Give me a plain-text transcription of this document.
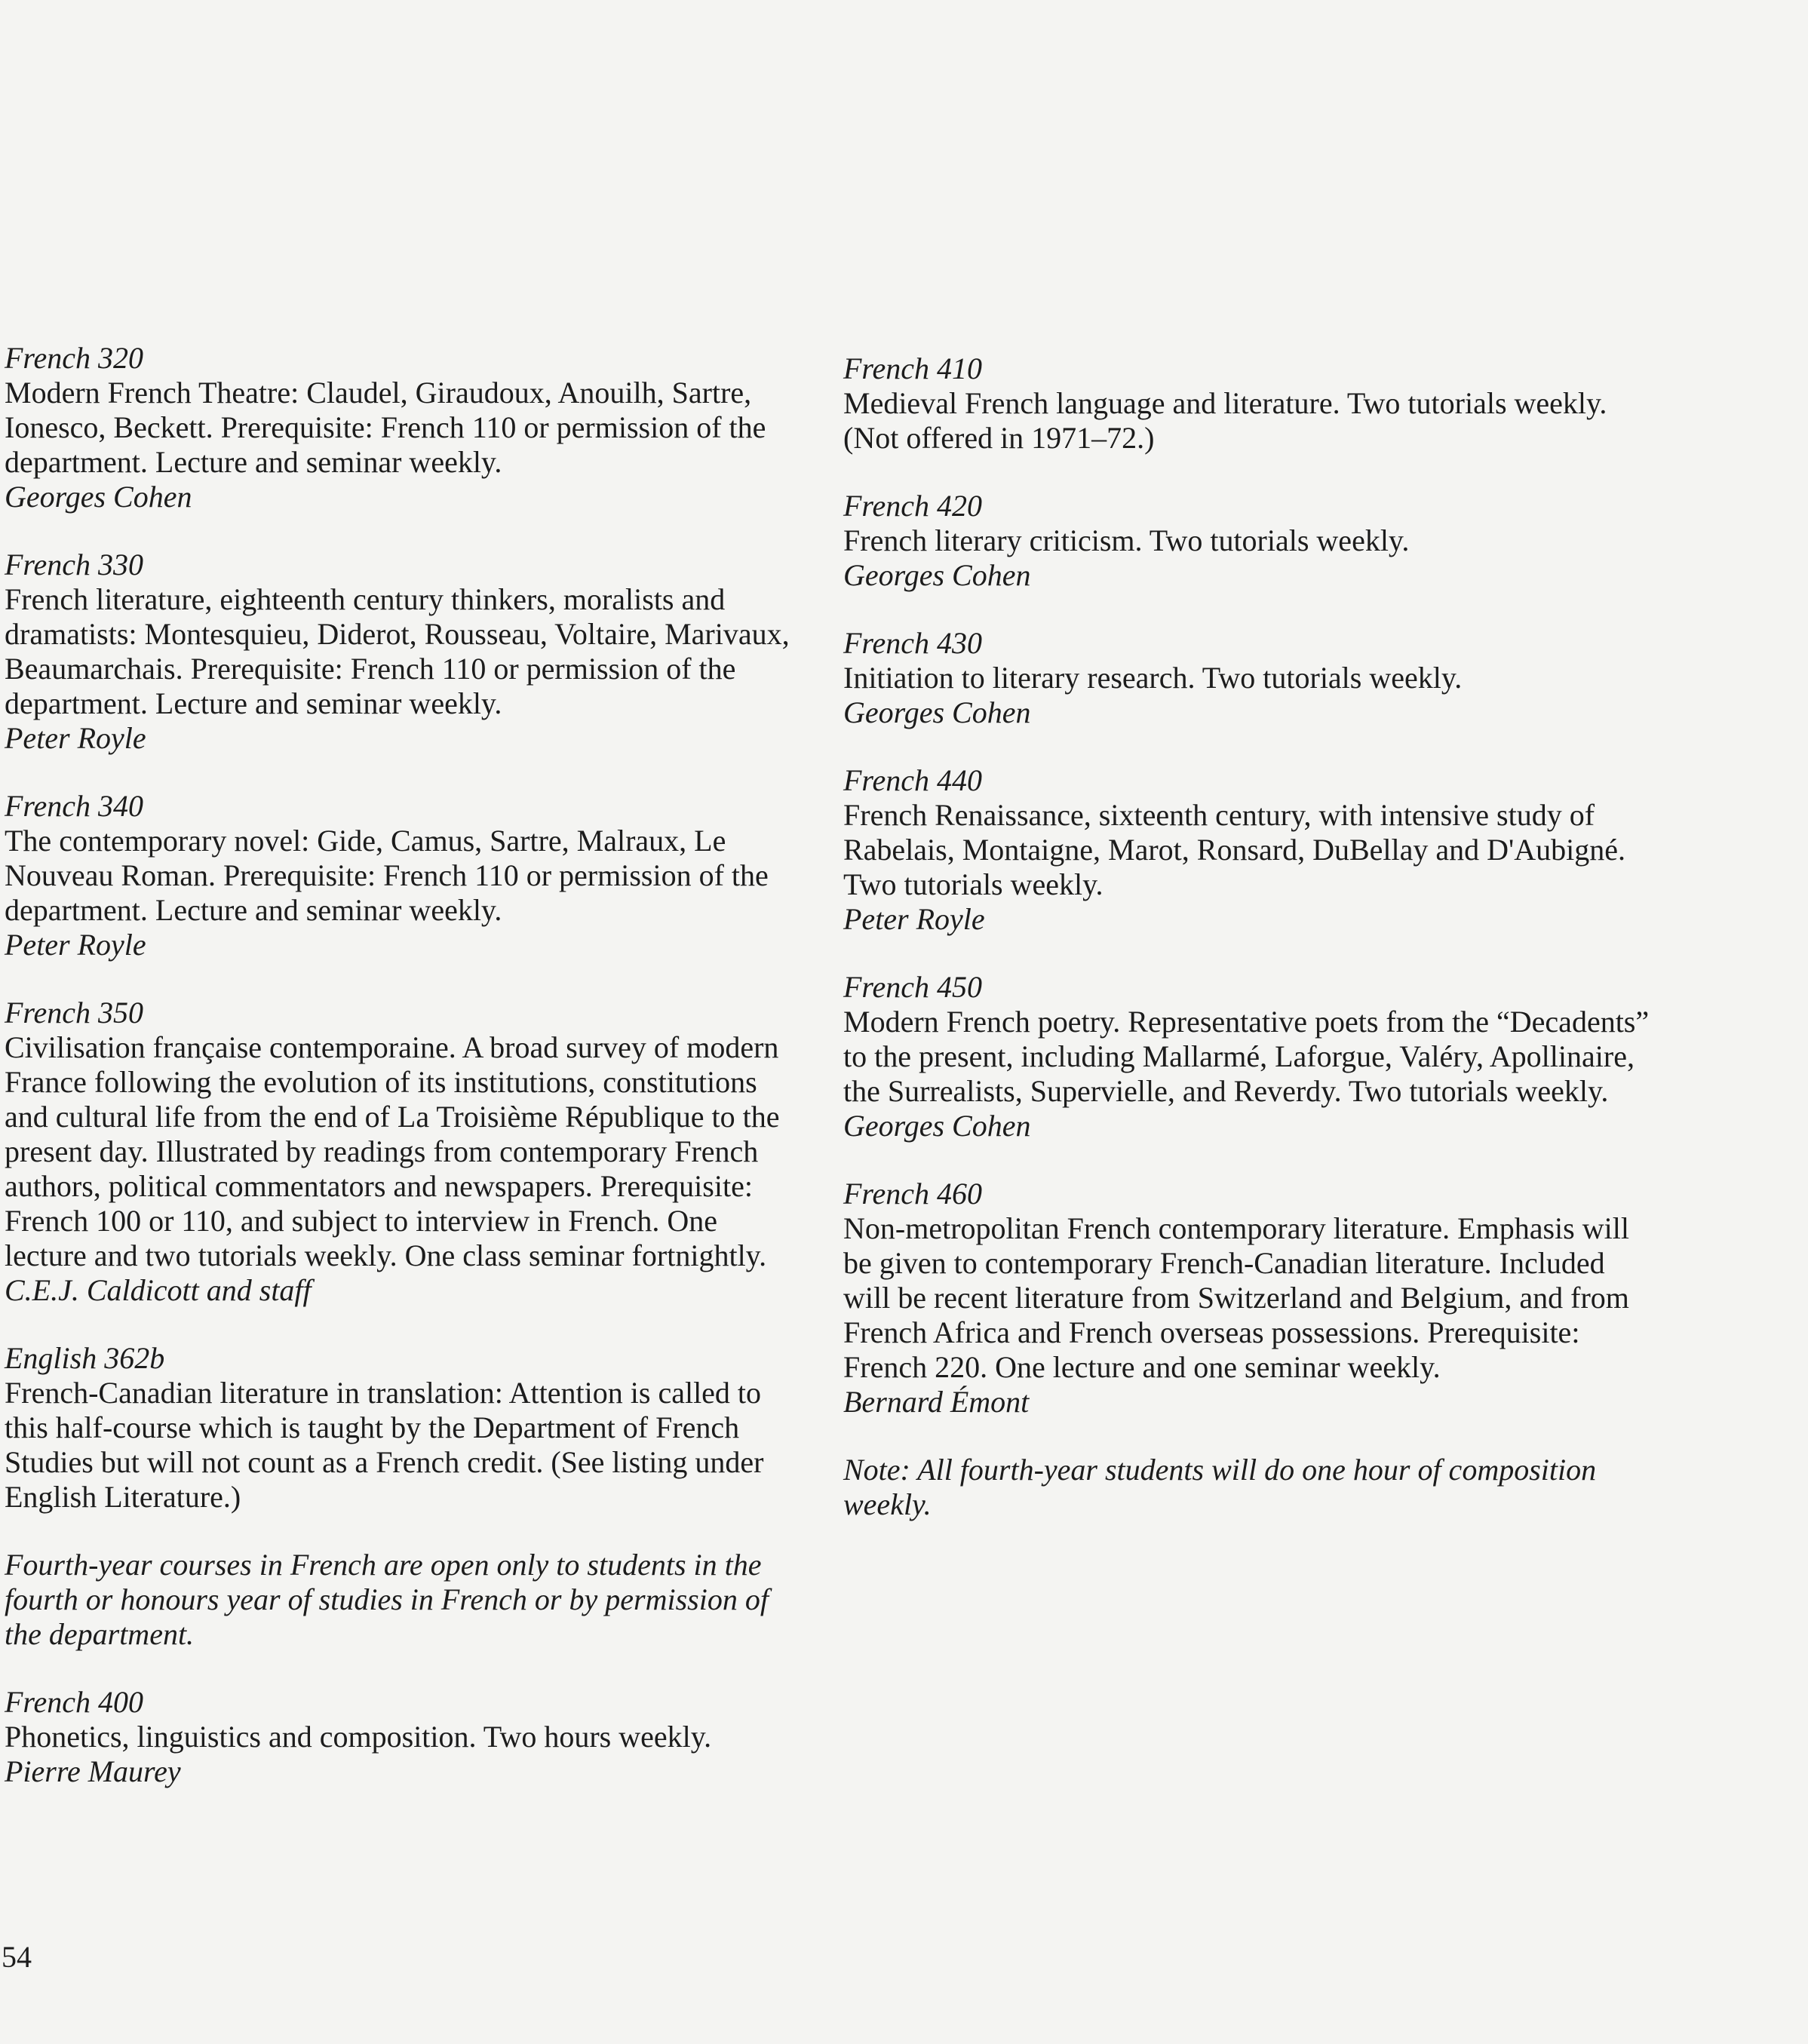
French 320
Modern French Theatre: Claudel, Giraudoux, Anouilh, Sartre, Ionesco, Beckett. Prerequisite: French 110 or permission of the department. Lecture and seminar weekly.
Georges Cohen
French 330
French literature, eighteenth century thinkers, moralists and dramatists: Montesquieu, Diderot, Rousseau, Voltaire, Marivaux, Beaumarchais. Prerequisite: French 110 or permission of the department. Lecture and seminar weekly.
Peter Royle
French 340
The contemporary novel: Gide, Camus, Sartre, Malraux, Le Nouveau Roman. Prerequisite: French 110 or permission of the department. Lecture and seminar weekly.
Peter Royle
French 350
Civilisation française contemporaine. A broad survey of modern France following the evolution of its institutions, constitutions and cultural life from the end of La Troisième République to the present day. Illustrated by readings from contemporary French authors, political commentators and newspapers. Prerequisite: French 100 or 110, and subject to interview in French. One lecture and two tutorials weekly. One class seminar fortnightly.
C.E.J. Caldicott and staff
English 362b
French-Canadian literature in translation: Attention is called to this half-course which is taught by the Department of French Studies but will not count as a French credit. (See listing under English Literature.)
Fourth-year courses in French are open only to students in the fourth or honours year of studies in French or by permission of the department.
French 400
Phonetics, linguistics and composition. Two hours weekly.
Pierre Maurey
French 410
Medieval French language and literature. Two tutorials weekly. (Not offered in 1971–72.)
French 420
French literary criticism. Two tutorials weekly.
Georges Cohen
French 430
Initiation to literary research. Two tutorials weekly.
Georges Cohen
French 440
French Renaissance, sixteenth century, with intensive study of Rabelais, Montaigne, Marot, Ronsard, DuBellay and D'Aubigné. Two tutorials weekly.
Peter Royle
French 450
Modern French poetry. Representative poets from the “Decadents” to the present, including Mallarmé, Laforgue, Valéry, Apollinaire, the Surrealists, Supervielle, and Reverdy. Two tutorials weekly.
Georges Cohen
French 460
Non-metropolitan French contemporary literature. Emphasis will be given to contemporary French-Canadian literature. Included will be recent literature from Switzerland and Belgium, and from French Africa and French overseas possessions. Prerequisite: French 220. One lecture and one seminar weekly.
Bernard Émont
Note: All fourth-year students will do one hour of composition weekly.
54
